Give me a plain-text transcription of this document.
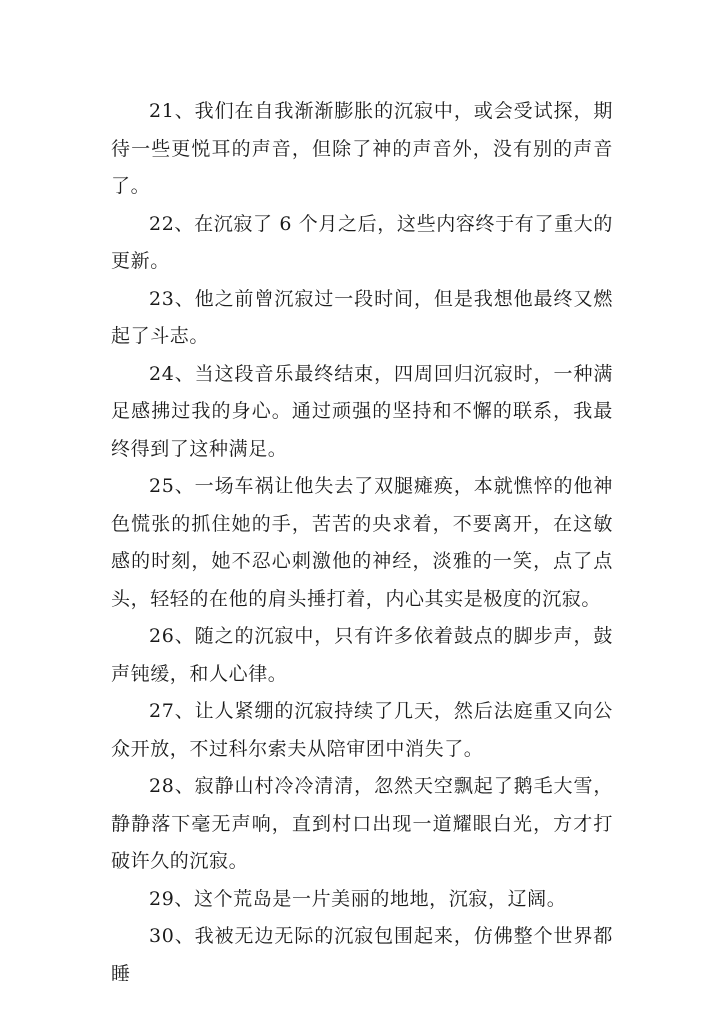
21、我们在自我渐渐膨胀的沉寂中，或会受试探，期待一些更悦耳的声音，但除了神的声音外，没有别的声音了。

22、在沉寂了 6 个月之后，这些内容终于有了重大的更新。

23、他之前曾沉寂过一段时间，但是我想他最终又燃起了斗志。

24、当这段音乐最终结束，四周回归沉寂时，一种满足感拂过我的身心。通过顽强的坚持和不懈的联系，我最终得到了这种满足。

25、一场车祸让他失去了双腿瘫痪，本就憔悴的他神色慌张的抓住她的手，苦苦的央求着，不要离开，在这敏感的时刻，她不忍心刺激他的神经，淡雅的一笑，点了点头，轻轻的在他的肩头捶打着，内心其实是极度的沉寂。

26、随之的沉寂中，只有许多依着鼓点的脚步声，鼓声钝缓，和人心律。

27、让人紧绷的沉寂持续了几天，然后法庭重又向公众开放，不过科尔索夫从陪审团中消失了。

28、寂静山村冷冷清清，忽然天空飘起了鹅毛大雪，静静落下毫无声响，直到村口出现一道耀眼白光，方才打破许久的沉寂。

29、这个荒岛是一片美丽的地地，沉寂，辽阔。

30、我被无边无际的沉寂包围起来，仿佛整个世界都睡
